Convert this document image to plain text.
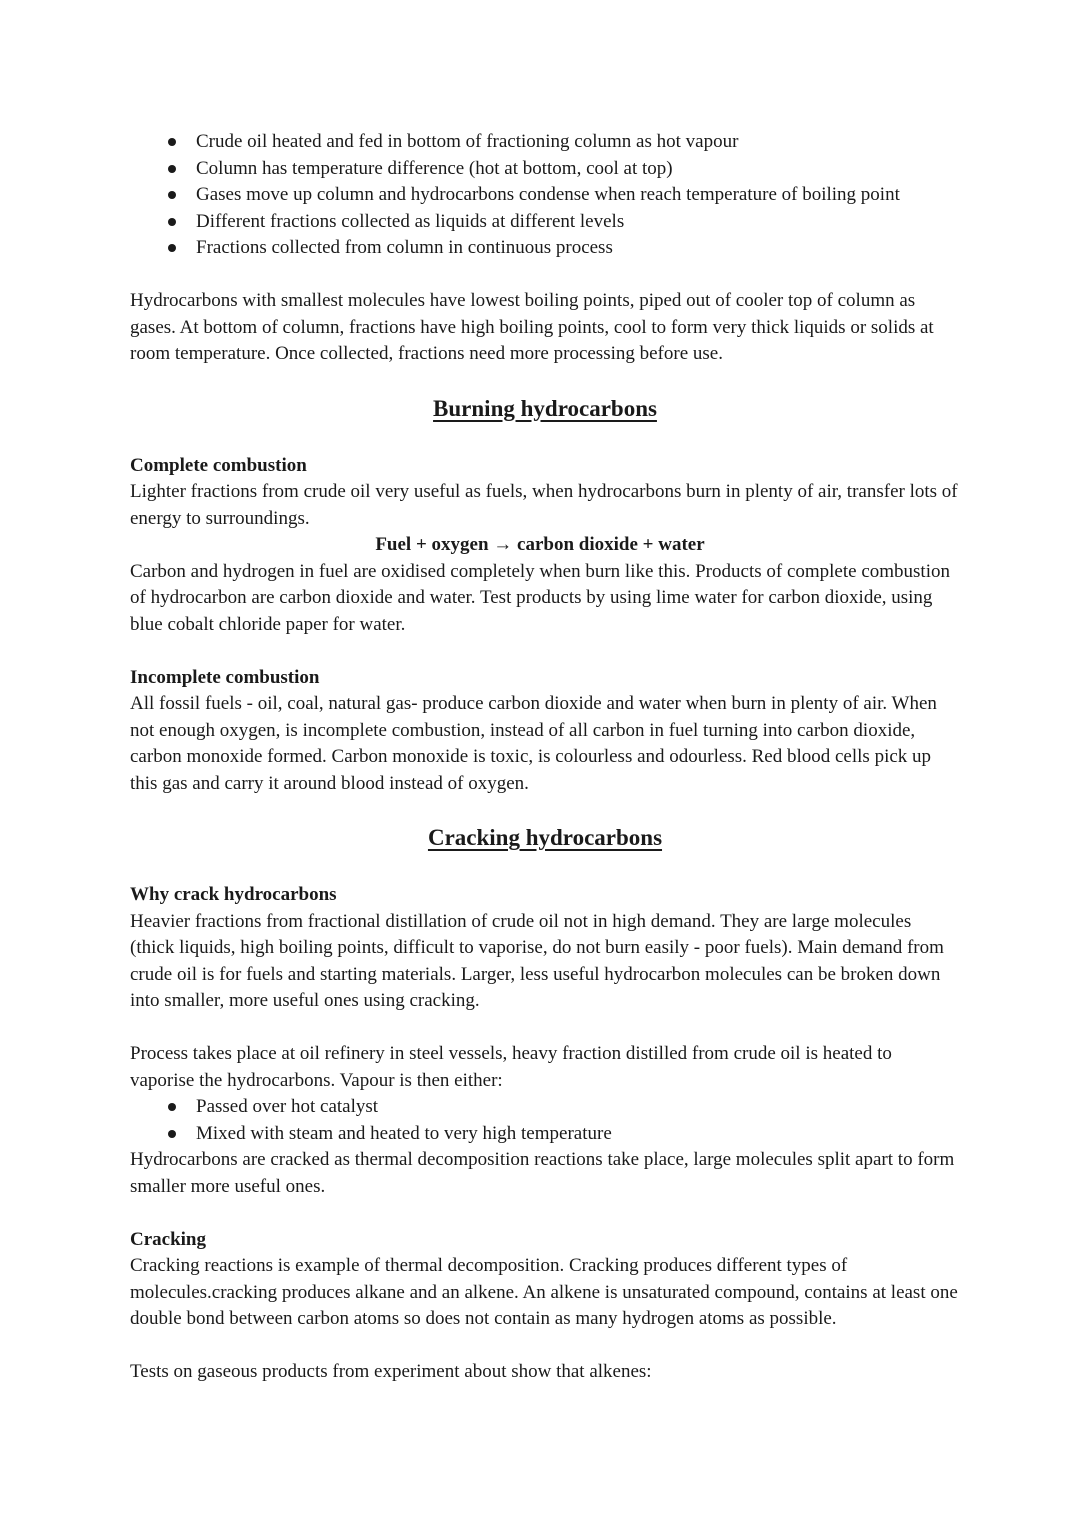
Crude oil heated and fed in bottom of fractioning column as hot vapour
Column has temperature difference (hot at bottom, cool at top)
Gases move up column and hydrocarbons condense when reach temperature of boiling point
Different fractions collected as liquids at different levels
Fractions collected from column in continuous process

Hydrocarbons with smallest molecules have lowest boiling points, piped out of cooler top of column as gases. At bottom of column, fractions have high boiling points, cool to form very thick liquids or solids at room temperature. Once collected, fractions need more processing before use.

Burning hydrocarbons

Complete combustion

Lighter fractions from crude oil very useful as fuels, when hydrocarbons burn in plenty of air, transfer lots of energy to surroundings.

Fuel + oxygen → carbon dioxide + water

Carbon and hydrogen in fuel are oxidised completely when burn like this. Products of complete combustion of hydrocarbon are carbon dioxide and water. Test products by using lime water for carbon dioxide, using blue cobalt chloride paper for water.

Incomplete combustion

All fossil fuels - oil, coal, natural gas- produce carbon dioxide and water when burn in plenty of air. When not enough oxygen, is incomplete combustion, instead of all carbon in fuel turning into carbon dioxide, carbon monoxide formed. Carbon monoxide is toxic, is colourless and odourless. Red blood cells pick up this gas and carry it around blood instead of oxygen.

Cracking hydrocarbons

Why crack hydrocarbons

Heavier fractions from fractional distillation of crude oil not in high demand. They are large molecules (thick liquids, high boiling points, difficult to vaporise, do not burn easily - poor fuels). Main demand from crude oil is for fuels and starting materials. Larger, less useful hydrocarbon molecules can be broken down into smaller, more useful ones using cracking.

Process takes place at oil refinery in steel vessels, heavy fraction distilled from crude oil is heated to vaporise the hydrocarbons. Vapour is then either:

Passed over hot catalyst
Mixed with steam and heated to very high temperature

Hydrocarbons are cracked as thermal decomposition reactions take place, large molecules split apart to form smaller more useful ones.

Cracking

Cracking reactions is example of thermal decomposition. Cracking produces different types of molecules.cracking produces alkane and an alkene. An alkene is unsaturated compound, contains at least one double bond between carbon atoms so does not contain as many hydrogen atoms as possible.

Tests on gaseous products from experiment about show that alkenes:
